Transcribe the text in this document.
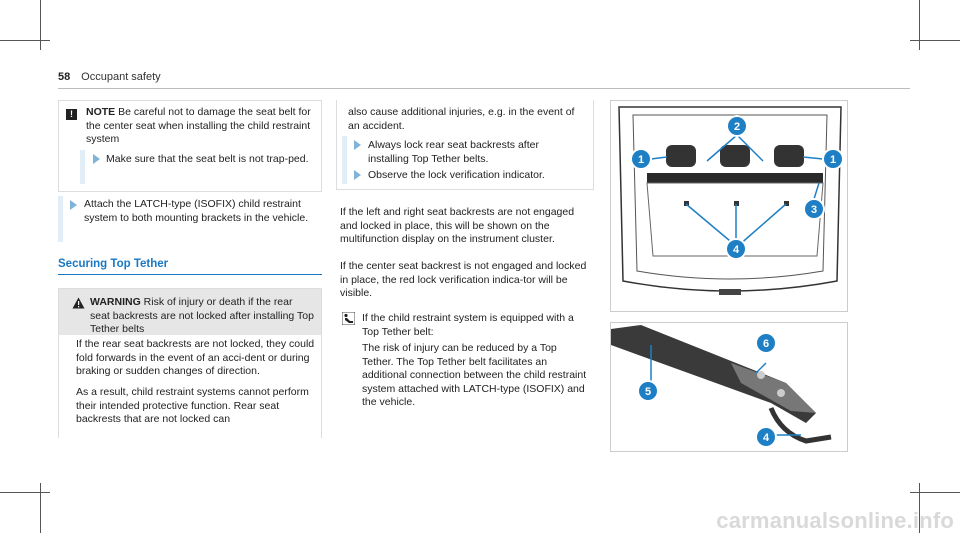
58 Occupant safety
!	NOTE Be careful not to damage the seat belt for the center seat when installing the child restraint system
Make sure that the seat belt is not trap-ped.
Attach the LATCH-type (ISOFIX) child restraint system to both mounting brackets in the vehicle.
Securing Top Tether
WARNING Risk of injury or death if the rear seat backrests are not locked after installing Top Tether belts
If the rear seat backrests are not locked, they could fold forwards in the event of an acci-dent or during braking or sudden changes of direction.
As a result, child restraint systems cannot perform their intended protective function. Rear seat backrests that are not locked can
also cause additional injuries, e.g. in the event of an accident.
Always lock rear seat backrests after installing Top Tether belts.
Observe the lock verification indicator.
If the left and right seat backrests are not engaged and locked in place, this will be shown on the multifunction display on the instrument cluster.
If the center seat backrest is not engaged and locked in place, the red lock verification indica-tor will be visible.
If the child restraint system is equipped with a Top Tether belt:
The risk of injury can be reduced by a Top Tether. The Top Tether belt facilitates an additional connection between the child restraint system attached with LATCH-type (ISOFIX) and the vehicle.
1
2
1
3
4
6
5
4
carmanualsonline.info
